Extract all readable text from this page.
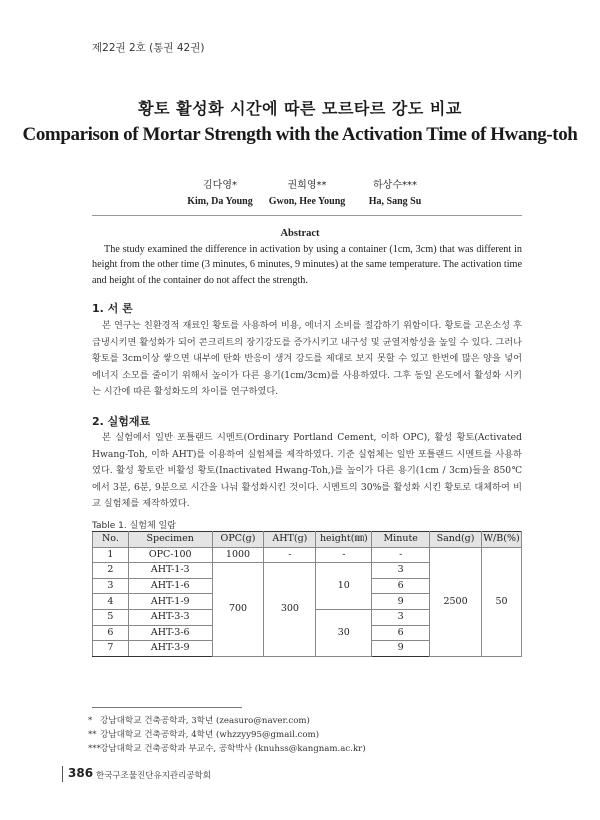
제22권 2호 (통권 42권)
황토 활성화 시간에 따른 모르타르 강도 비교
Comparison of Mortar Strength with the Activation Time of Hwang-toh
김다영*
Kim, Da Young
권희영**
Gwon, Hee Young
하상수***
Ha, Sang Su
Abstract
The study examined the difference in activation by using a container (1cm, 3cm) that was different in height from the other time (3 minutes, 6 minutes, 9 minutes) at the same temperature. The activation time and height of the container do not affect the strength.
1. 서 론
본 연구는 친환경적 재료인 황토를 사용하여 비용, 에너지 소비를 절감하기 위함이다. 황토를 고온소성 후 급냉시키면 활성화가 되어 콘크리트의 장기강도를 증가시키고 내구성 및 균열저항성을 높일 수 있다. 그러나 황토를 3cm이상 쌓으면 내부에 탄화 반응이 생겨 강도를 제대로 보지 못할 수 있고 한번에 많은 양을 넣어 에너지 소모를 줄이기 위해서 높이가 다른 용기(1cm/3cm)를 사용하였다. 그후 동일 온도에서 활성화 시키는 시간에 따른 활성화도의 차이를 연구하였다.
2. 실험재료
본 실험에서 일반 포틀랜드 시멘트(Ordinary Portland Cement, 이하 OPC), 활성 황토(Activated Hwang-Toh, 이하 AHT)를 이용하여 실험체를 제작하였다. 기준 실험체는 일반 포틀랜드 시멘트를 사용하였다. 활성 황토란 비활성 황토(Inactivated Hwang-Toh,)를 높이가 다른 용기(1cm / 3cm)들을 850℃에서 3분, 6분, 9분으로 시간을 나눠 활성화시킨 것이다. 시멘트의 30%를 활성화 시킨 황토로 대체하여 비교 실험체를 제작하였다.
Table 1. 실험체 일람
No.	Specimen	OPC(g)	AHT(g)	height(㎜)	Minute	Sand(g)	W/B(%)
1	OPC-100	1000	-	-	-	2500	50
2	AHT-1-3	700	300	10	3		
3	AHT-1-6				6		
4	AHT-1-9				9		
5	AHT-3-3			30	3		
6	AHT-3-6				6		
7	AHT-3-9				9		
* 강남대학교 건축공학과, 3학년 (zeasuro@naver.com)
** 강남대학교 건축공학과, 4학년 (whzzyy95@gmail.com)
***강남대학교 건축공학과 부교수, 공학박사 (knuhss@kangnam.ac.kr)
386 한국구조물진단유지관리공학회
